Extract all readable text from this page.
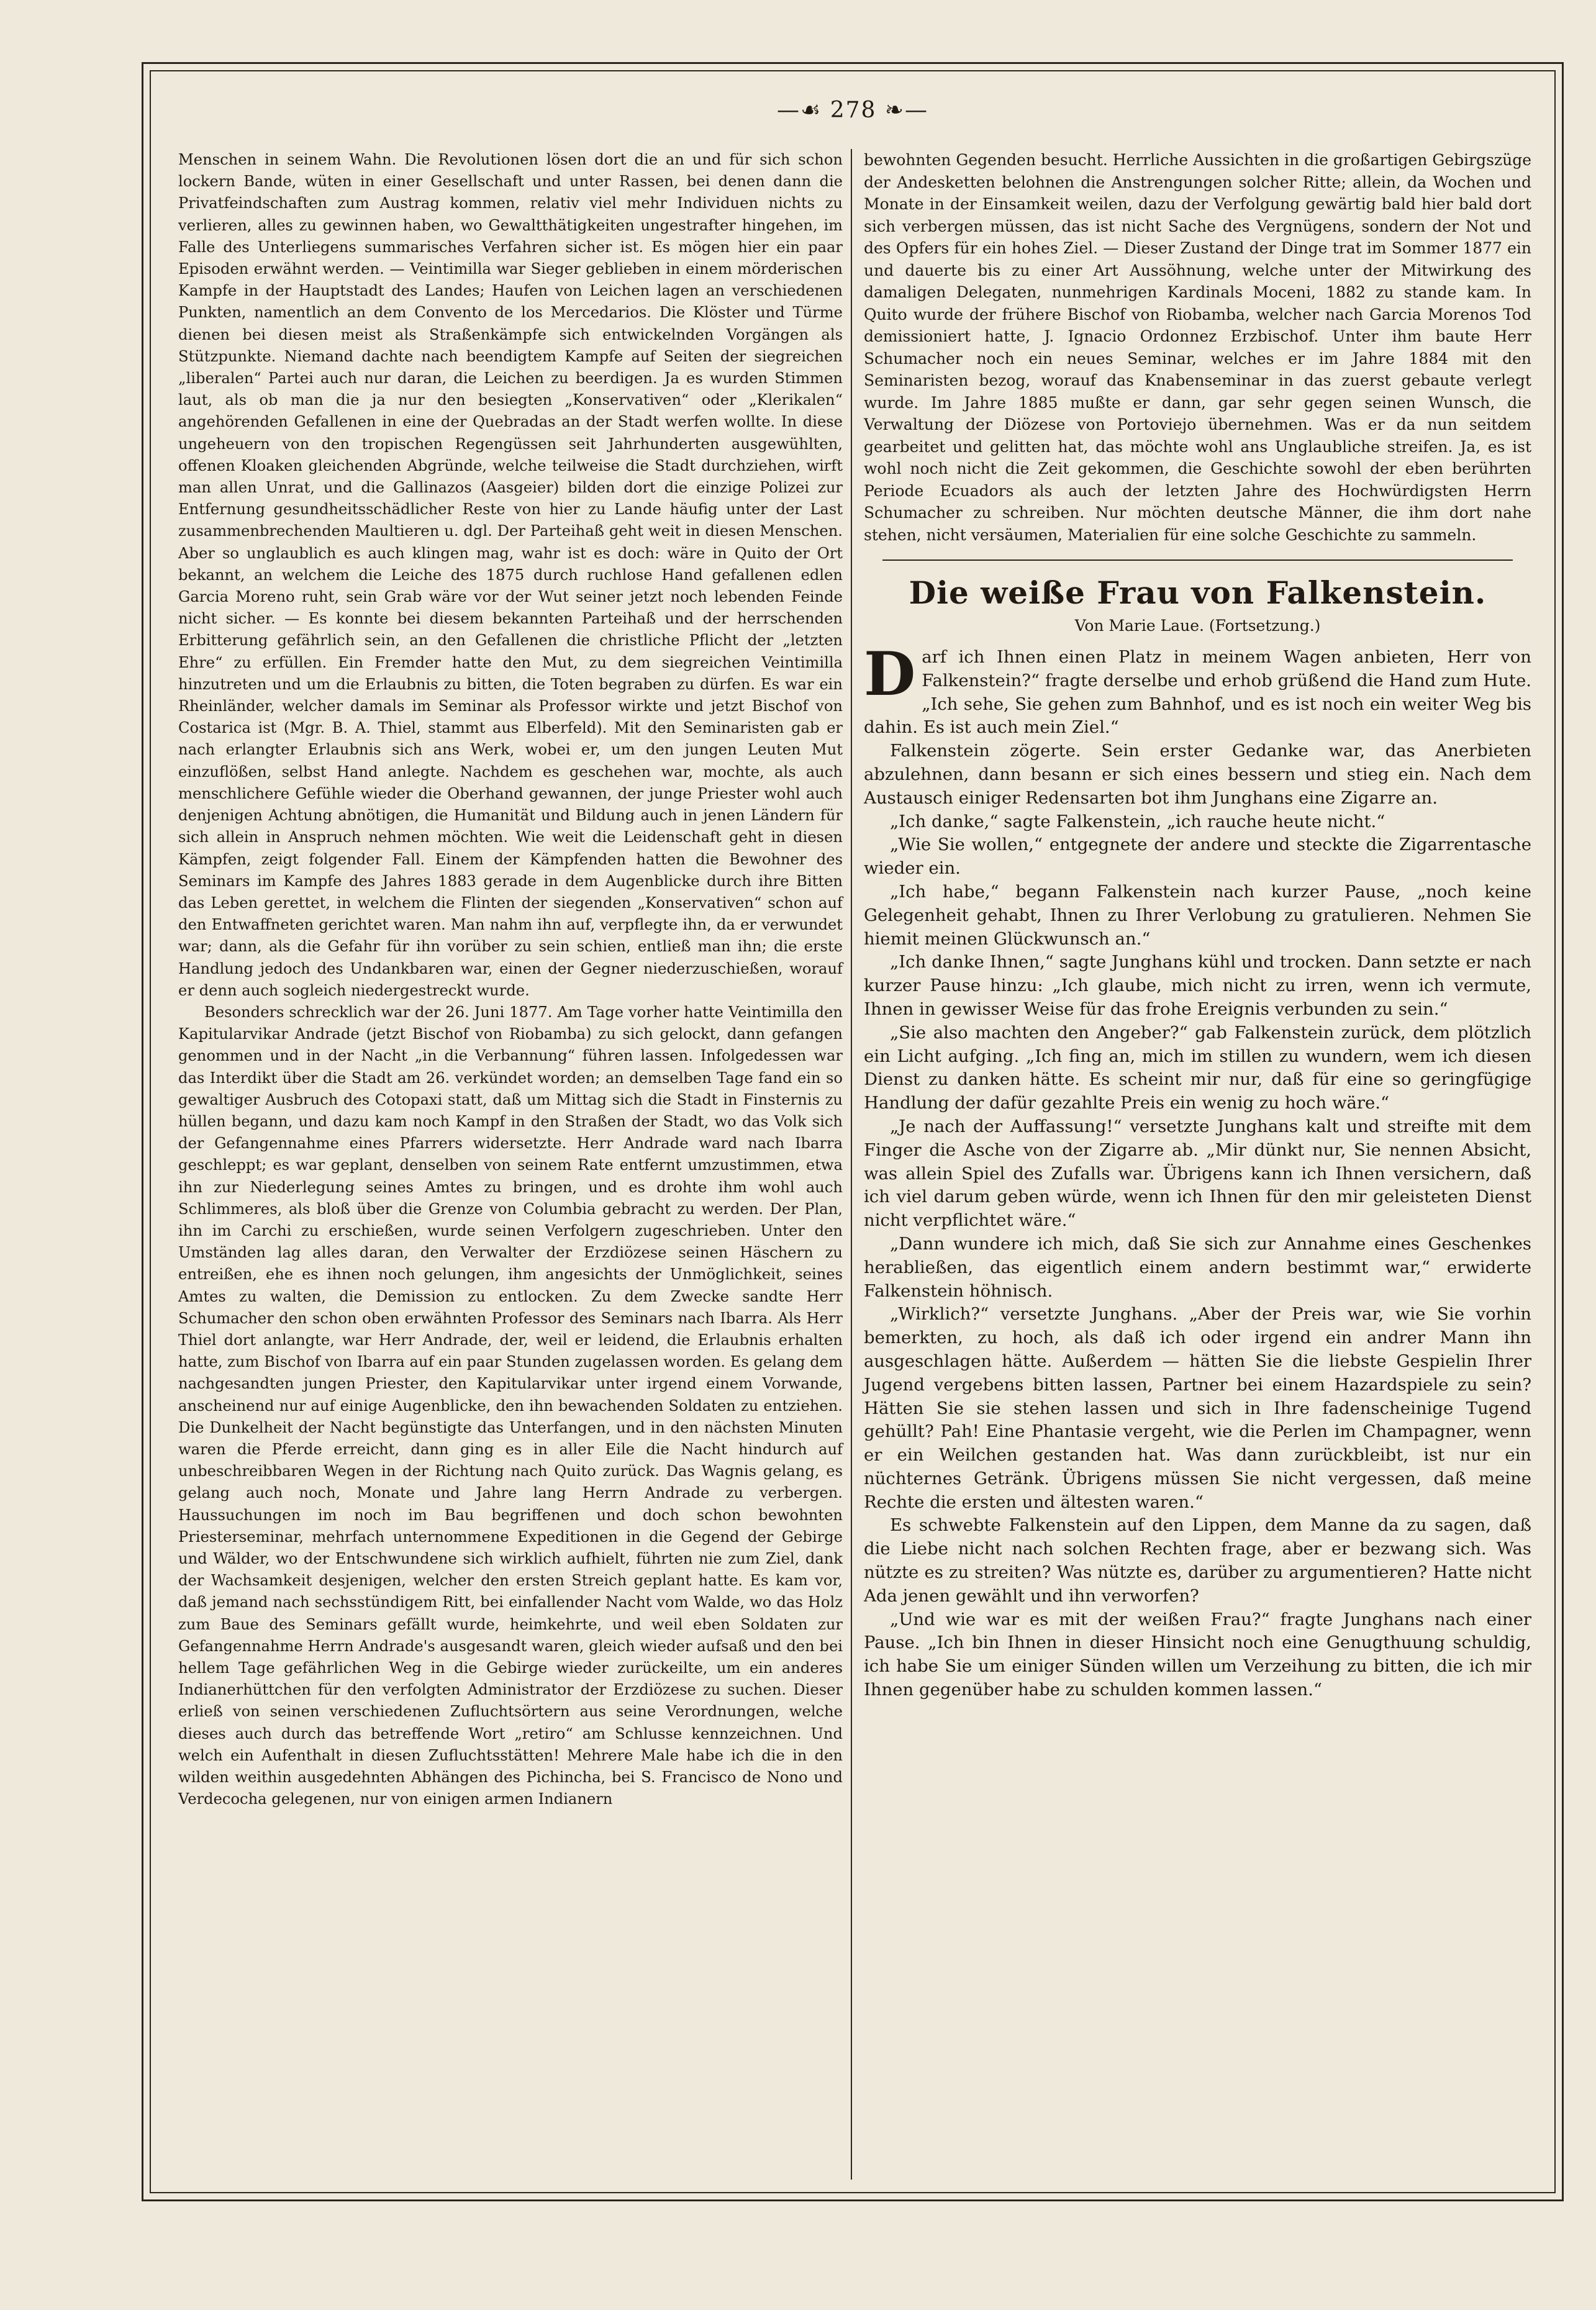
—☙ 278 ❧—

Menschen in seinem Wahn. Die Revolutionen lösen dort die an und für sich schon lockern Bande, wüten in einer Gesellschaft und unter Rassen, bei denen dann die Privatfeindschaften zum Austrag kommen, relativ viel mehr Individuen nichts zu verlieren, alles zu gewinnen haben, wo Gewaltthätigkeiten ungestrafter hingehen, im Falle des Unterliegens summarisches Verfahren sicher ist. Es mögen hier ein paar Episoden erwähnt werden. — Veintimilla war Sieger geblieben in einem mörderischen Kampfe in der Hauptstadt des Landes; Haufen von Leichen lagen an verschiedenen Punkten, namentlich an dem Convento de los Mercedarios. Die Klöster und Türme dienen bei diesen meist als Straßenkämpfe sich entwickelnden Vorgängen als Stützpunkte. Niemand dachte nach beendigtem Kampfe auf Seiten der siegreichen „liberalen“ Partei auch nur daran, die Leichen zu beerdigen. Ja es wurden Stimmen laut, als ob man die ja nur den besiegten „Konservativen“ oder „Klerikalen“ angehörenden Gefallenen in eine der Quebradas an der Stadt werfen wollte. In diese ungeheuern von den tropischen Regengüssen seit Jahrhunderten ausgewühlten, offenen Kloaken gleichenden Abgründe, welche teilweise die Stadt durchziehen, wirft man allen Unrat, und die Gallinazos (Aasgeier) bilden dort die einzige Polizei zur Entfernung gesundheitsschädlicher Reste von hier zu Lande häufig unter der Last zusammenbrechenden Maultieren u. dgl. Der Parteihaß geht weit in diesen Menschen. Aber so unglaublich es auch klingen mag, wahr ist es doch: wäre in Quito der Ort bekannt, an welchem die Leiche des 1875 durch ruchlose Hand gefallenen edlen Garcia Moreno ruht, sein Grab wäre vor der Wut seiner jetzt noch lebenden Feinde nicht sicher. — Es konnte bei diesem bekannten Parteihaß und der herrschenden Erbitterung gefährlich sein, an den Gefallenen die christliche Pflicht der „letzten Ehre“ zu erfüllen. Ein Fremder hatte den Mut, zu dem siegreichen Veintimilla hinzutreten und um die Erlaubnis zu bitten, die Toten begraben zu dürfen. Es war ein Rheinländer, welcher damals im Seminar als Professor wirkte und jetzt Bischof von Costarica ist (Mgr. B. A. Thiel, stammt aus Elberfeld). Mit den Seminaristen gab er nach erlangter Erlaubnis sich ans Werk, wobei er, um den jungen Leuten Mut einzuflößen, selbst Hand anlegte. Nachdem es geschehen war, mochte, als auch menschlichere Gefühle wieder die Oberhand gewannen, der junge Priester wohl auch denjenigen Achtung abnötigen, die Humanität und Bildung auch in jenen Ländern für sich allein in Anspruch nehmen möchten. Wie weit die Leidenschaft geht in diesen Kämpfen, zeigt folgender Fall. Einem der Kämpfenden hatten die Bewohner des Seminars im Kampfe des Jahres 1883 gerade in dem Augenblicke durch ihre Bitten das Leben gerettet, in welchem die Flinten der siegenden „Konservativen“ schon auf den Entwaffneten gerichtet waren. Man nahm ihn auf, verpflegte ihn, da er verwundet war; dann, als die Gefahr für ihn vorüber zu sein schien, entließ man ihn; die erste Handlung jedoch des Undankbaren war, einen der Gegner niederzuschießen, worauf er denn auch sogleich niedergestreckt wurde.

Besonders schrecklich war der 26. Juni 1877. Am Tage vorher hatte Veintimilla den Kapitularvikar Andrade (jetzt Bischof von Riobamba) zu sich gelockt, dann gefangen genommen und in der Nacht „in die Verbannung“ führen lassen. Infolgedessen war das Interdikt über die Stadt am 26. verkündet worden; an demselben Tage fand ein so gewaltiger Ausbruch des Cotopaxi statt, daß um Mittag sich die Stadt in Finsternis zu hüllen begann, und dazu kam noch Kampf in den Straßen der Stadt, wo das Volk sich der Gefangennahme eines Pfarrers widersetzte. Herr Andrade ward nach Ibarra geschleppt; es war geplant, denselben von seinem Rate entfernt umzustimmen, etwa ihn zur Niederlegung seines Amtes zu bringen, und es drohte ihm wohl auch Schlimmeres, als bloß über die Grenze von Columbia gebracht zu werden. Der Plan, ihn im Carchi zu erschießen, wurde seinen Verfolgern zugeschrieben. Unter den Umständen lag alles daran, den Verwalter der Erzdiözese seinen Häschern zu entreißen, ehe es ihnen noch gelungen, ihm angesichts der Unmöglichkeit, seines Amtes zu walten, die Demission zu entlocken. Zu dem Zwecke sandte Herr Schumacher den schon oben erwähnten Professor des Seminars nach Ibarra. Als Herr Thiel dort anlangte, war Herr Andrade, der, weil er leidend, die Erlaubnis erhalten hatte, zum Bischof von Ibarra auf ein paar Stunden zugelassen worden. Es gelang dem nachgesandten jungen Priester, den Kapitularvikar unter irgend einem Vorwande, anscheinend nur auf einige Augenblicke, den ihn bewachenden Soldaten zu entziehen. Die Dunkelheit der Nacht begünstigte das Unterfangen, und in den nächsten Minuten waren die Pferde erreicht, dann ging es in aller Eile die Nacht hindurch auf unbeschreibbaren Wegen in der Richtung nach Quito zurück. Das Wagnis gelang, es gelang auch noch, Monate und Jahre lang Herrn Andrade zu verbergen. Haussuchungen im noch im Bau begriffenen und doch schon bewohnten Priesterseminar, mehrfach unternommene Expeditionen in die Gegend der Gebirge und Wälder, wo der Entschwundene sich wirklich aufhielt, führten nie zum Ziel, dank der Wachsamkeit desjenigen, welcher den ersten Streich geplant hatte. Es kam vor, daß jemand nach sechsstündigem Ritt, bei einfallender Nacht vom Walde, wo das Holz zum Baue des Seminars gefällt wurde, heimkehrte, und weil eben Soldaten zur Gefangennahme Herrn Andrade's ausgesandt waren, gleich wieder aufsaß und den bei hellem Tage gefährlichen Weg in die Gebirge wieder zurückeilte, um ein anderes Indianerhüttchen für den verfolgten Administrator der Erzdiözese zu suchen. Dieser erließ von seinen verschiedenen Zufluchtsörtern aus seine Verordnungen, welche dieses auch durch das betreffende Wort „retiro“ am Schlusse kennzeichnen. Und welch ein Aufenthalt in diesen Zufluchtsstätten! Mehrere Male habe ich die in den wilden weithin ausgedehnten Abhängen des Pichincha, bei S. Francisco de Nono und Verdecocha gelegenen, nur von einigen armen Indianern

bewohnten Gegenden besucht. Herrliche Aussichten in die großartigen Gebirgszüge der Andesketten belohnen die Anstrengungen solcher Ritte; allein, da Wochen und Monate in der Einsamkeit weilen, dazu der Verfolgung gewärtig bald hier bald dort sich verbergen müssen, das ist nicht Sache des Vergnügens, sondern der Not und des Opfers für ein hohes Ziel. — Dieser Zustand der Dinge trat im Sommer 1877 ein und dauerte bis zu einer Art Aussöhnung, welche unter der Mitwirkung des damaligen Delegaten, nunmehrigen Kardinals Moceni, 1882 zu stande kam. In Quito wurde der frühere Bischof von Riobamba, welcher nach Garcia Morenos Tod demissioniert hatte, J. Ignacio Ordonnez Erzbischof. Unter ihm baute Herr Schumacher noch ein neues Seminar, welches er im Jahre 1884 mit den Seminaristen bezog, worauf das Knabenseminar in das zuerst gebaute verlegt wurde. Im Jahre 1885 mußte er dann, gar sehr gegen seinen Wunsch, die Verwaltung der Diözese von Portoviejo übernehmen. Was er da nun seitdem gearbeitet und gelitten hat, das möchte wohl ans Unglaubliche streifen. Ja, es ist wohl noch nicht die Zeit gekommen, die Geschichte sowohl der eben berührten Periode Ecuadors als auch der letzten Jahre des Hochwürdigsten Herrn Schumacher zu schreiben. Nur möchten deutsche Männer, die ihm dort nahe stehen, nicht versäumen, Materialien für eine solche Geschichte zu sammeln.

Die weiße Frau von Falkenstein.
Von Marie Laue. (Fortsetzung.)

Darf ich Ihnen einen Platz in meinem Wagen anbieten, Herr von Falkenstein?“ fragte derselbe und erhob grüßend die Hand zum Hute. „Ich sehe, Sie gehen zum Bahnhof, und es ist noch ein weiter Weg bis dahin. Es ist auch mein Ziel.“

Falkenstein zögerte. Sein erster Gedanke war, das Anerbieten abzulehnen, dann besann er sich eines bessern und stieg ein. Nach dem Austausch einiger Redensarten bot ihm Junghans eine Zigarre an.

„Ich danke,“ sagte Falkenstein, „ich rauche heute nicht.“

„Wie Sie wollen,“ entgegnete der andere und steckte die Zigarrentasche wieder ein.

„Ich habe,“ begann Falkenstein nach kurzer Pause, „noch keine Gelegenheit gehabt, Ihnen zu Ihrer Verlobung zu gratulieren. Nehmen Sie hiemit meinen Glückwunsch an.“

„Ich danke Ihnen,“ sagte Junghans kühl und trocken. Dann setzte er nach kurzer Pause hinzu: „Ich glaube, mich nicht zu irren, wenn ich vermute, Ihnen in gewisser Weise für das frohe Ereignis verbunden zu sein.“

„Sie also machten den Angeber?“ gab Falkenstein zurück, dem plötzlich ein Licht aufging. „Ich fing an, mich im stillen zu wundern, wem ich diesen Dienst zu danken hätte. Es scheint mir nur, daß für eine so geringfügige Handlung der dafür gezahlte Preis ein wenig zu hoch wäre.“

„Je nach der Auffassung!“ versetzte Junghans kalt und streifte mit dem Finger die Asche von der Zigarre ab. „Mir dünkt nur, Sie nennen Absicht, was allein Spiel des Zufalls war. Übrigens kann ich Ihnen versichern, daß ich viel darum geben würde, wenn ich Ihnen für den mir geleisteten Dienst nicht verpflichtet wäre.“

„Dann wundere ich mich, daß Sie sich zur Annahme eines Geschenkes herabließen, das eigentlich einem andern bestimmt war,“ erwiderte Falkenstein höhnisch.

„Wirklich?“ versetzte Junghans. „Aber der Preis war, wie Sie vorhin bemerkten, zu hoch, als daß ich oder irgend ein andrer Mann ihn ausgeschlagen hätte. Außerdem — hätten Sie die liebste Gespielin Ihrer Jugend vergebens bitten lassen, Partner bei einem Hazardspiele zu sein? Hätten Sie sie stehen lassen und sich in Ihre fadenscheinige Tugend gehüllt? Pah! Eine Phantasie vergeht, wie die Perlen im Champagner, wenn er ein Weilchen gestanden hat. Was dann zurückbleibt, ist nur ein nüchternes Getränk. Übrigens müssen Sie nicht vergessen, daß meine Rechte die ersten und ältesten waren.“

Es schwebte Falkenstein auf den Lippen, dem Manne da zu sagen, daß die Liebe nicht nach solchen Rechten frage, aber er bezwang sich. Was nützte es zu streiten? Was nützte es, darüber zu argumentieren? Hatte nicht Ada jenen gewählt und ihn verworfen?

„Und wie war es mit der weißen Frau?“ fragte Junghans nach einer Pause. „Ich bin Ihnen in dieser Hinsicht noch eine Genugthuung schuldig, ich habe Sie um einiger Sünden willen um Verzeihung zu bitten, die ich mir Ihnen gegenüber habe zu schulden kommen lassen.“
